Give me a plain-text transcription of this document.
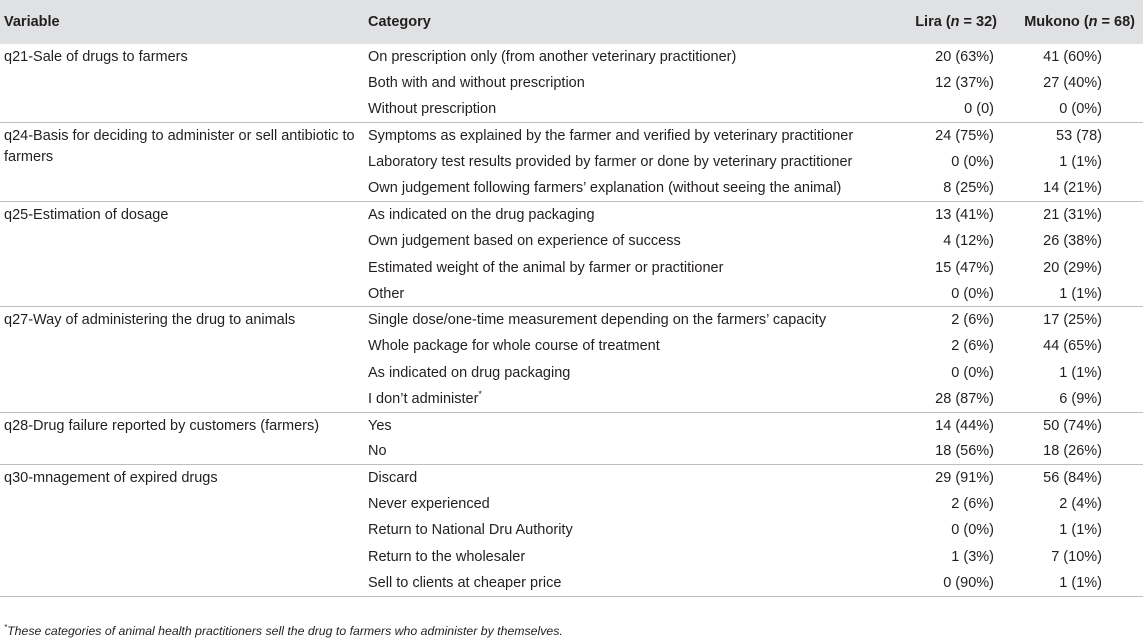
Variable	Category	Lira (n = 32)	Mukono (n = 68)
q21-Sale of drugs to farmers	On prescription only (from another veterinary practitioner)	20 (63%)	41 (60%)
	Both with and without prescription	12 (37%)	27 (40%)
	Without prescription	0 (0)	0 (0%)
q24-Basis for deciding to administer or sell antibiotic to farmers	Symptoms as explained by the farmer and verified by veterinary practitioner	24 (75%)	53 (78)
	Laboratory test results provided by farmer or done by veterinary practitioner	0 (0%)	1 (1%)
	Own judgement following farmers’ explanation (without seeing the animal)	8 (25%)	14 (21%)
q25-Estimation of dosage	As indicated on the drug packaging	13 (41%)	21 (31%)
	Own judgement based on experience of success	4 (12%)	26 (38%)
	Estimated weight of the animal by farmer or practitioner	15 (47%)	20 (29%)
	Other	0 (0%)	1 (1%)
q27-Way of administering the drug to animals	Single dose/one-time measurement depending on the farmers’ capacity	2 (6%)	17 (25%)
	Whole package for whole course of treatment	2 (6%)	44 (65%)
	As indicated on drug packaging	0 (0%)	1 (1%)
	I don’t administer*	28 (87%)	6 (9%)
q28-Drug failure reported by customers (farmers)	Yes	14 (44%)	50 (74%)
	No	18 (56%)	18 (26%)
q30-mnagement of expired drugs	Discard	29 (91%)	56 (84%)
	Never experienced	2 (6%)	2 (4%)
	Return to National Dru Authority	0 (0%)	1 (1%)
	Return to the wholesaler	1 (3%)	7 (10%)
	Sell to clients at cheaper price	0 (90%)	1 (1%)
*These categories of animal health practitioners sell the drug to farmers who administer by themselves.
